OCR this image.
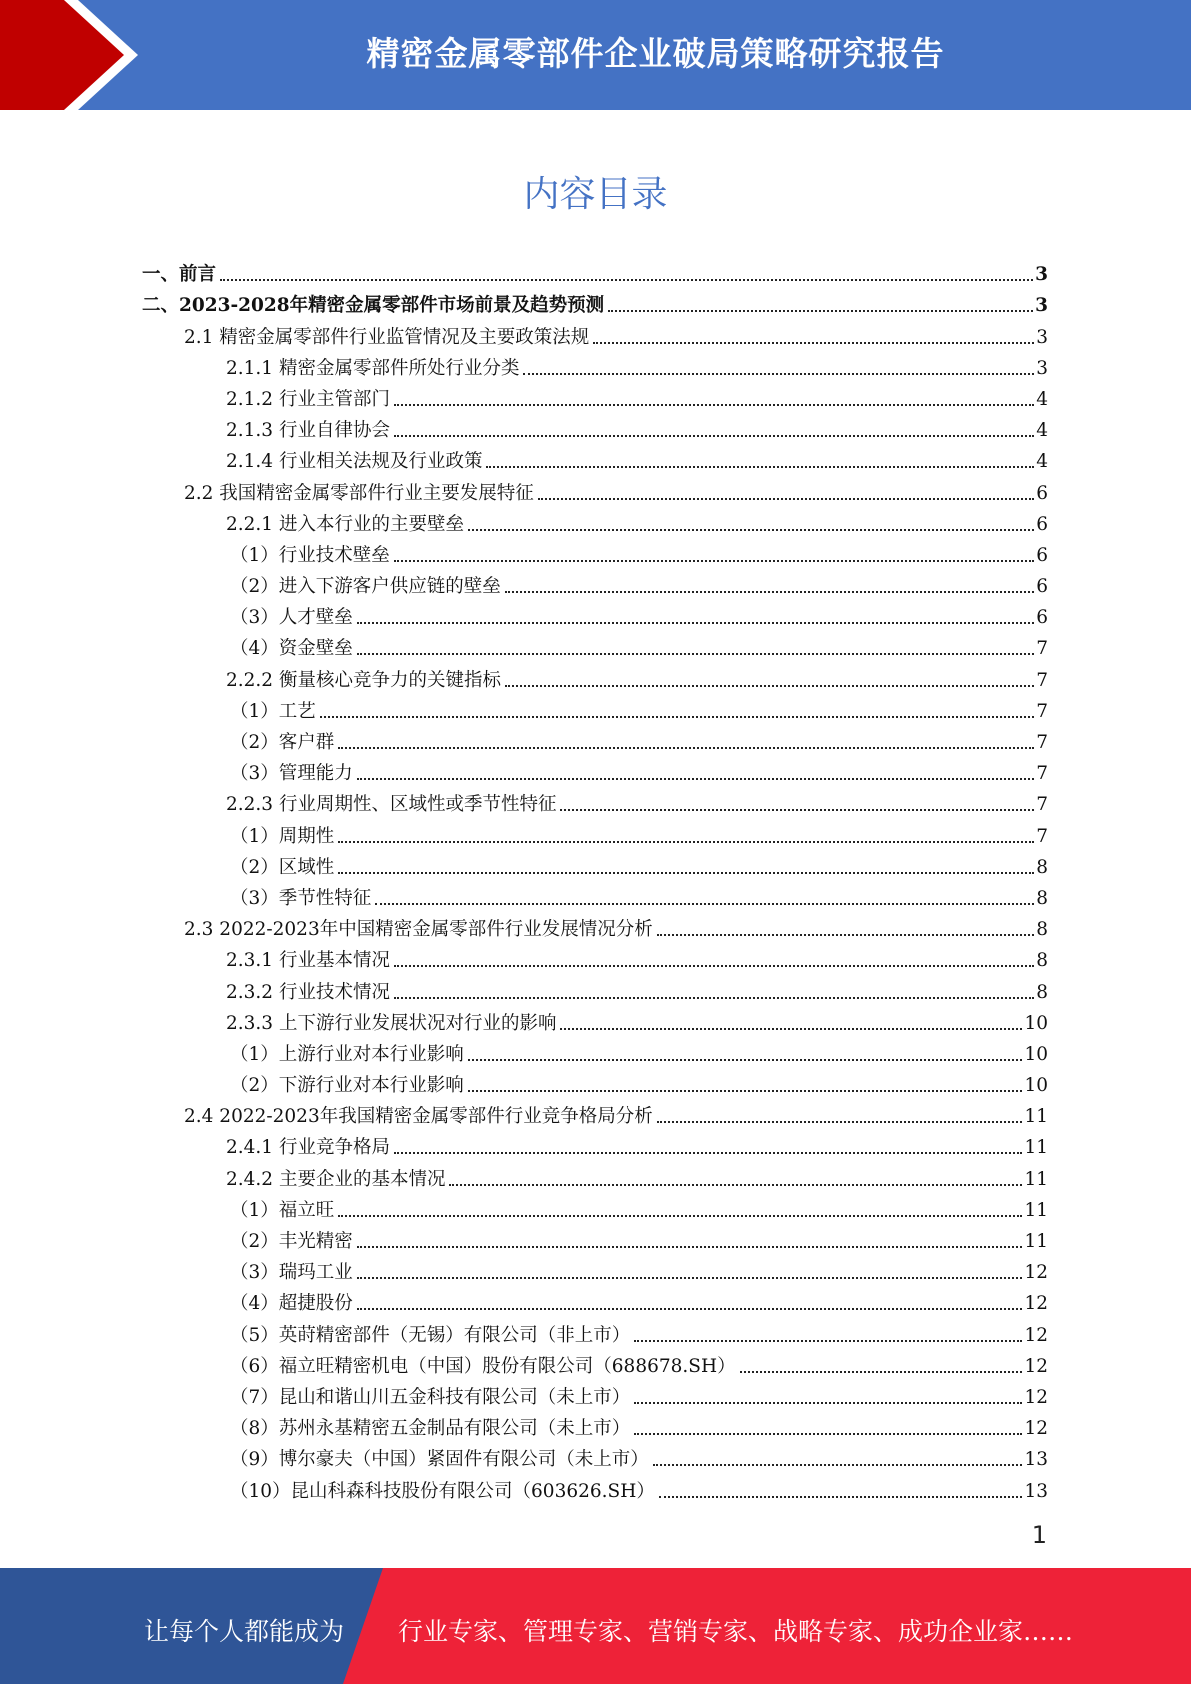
精密金属零部件企业破局策略研究报告
内容目录
一、前言	3
二、2023-2028年精密金属零部件市场前景及趋势预测	3
2.1 精密金属零部件行业监管情况及主要政策法规	3
2.1.1 精密金属零部件所处行业分类	3
2.1.2 行业主管部门	4
2.1.3 行业自律协会	4
2.1.4 行业相关法规及行业政策	4
2.2 我国精密金属零部件行业主要发展特征	6
2.2.1 进入本行业的主要壁垒	6
（1）行业技术壁垒	6
（2）进入下游客户供应链的壁垒	6
（3）人才壁垒	6
（4）资金壁垒	7
2.2.2 衡量核心竞争力的关键指标	7
（1）工艺	7
（2）客户群	7
（3）管理能力	7
2.2.3 行业周期性、区域性或季节性特征	7
（1）周期性	7
（2）区域性	8
（3）季节性特征	8
2.3 2022-2023年中国精密金属零部件行业发展情况分析	8
2.3.1 行业基本情况	8
2.3.2 行业技术情况	8
2.3.3 上下游行业发展状况对行业的影响	10
（1）上游行业对本行业影响	10
（2）下游行业对本行业影响	10
2.4 2022-2023年我国精密金属零部件行业竞争格局分析	11
2.4.1 行业竞争格局	11
2.4.2 主要企业的基本情况	11
（1）福立旺	11
（2）丰光精密	11
（3）瑞玛工业	12
（4）超捷股份	12
（5）英莳精密部件（无锡）有限公司（非上市）	12
（6）福立旺精密机电（中国）股份有限公司（688678.SH）	12
（7）昆山和谐山川五金科技有限公司（未上市）	12
（8）苏州永基精密五金制品有限公司（未上市）	12
（9）博尔豪夫（中国）紧固件有限公司（未上市）	13
（10）昆山科森科技股份有限公司（603626.SH）	13
1
让每个人都能成为 行业专家、管理专家、营销专家、战略专家、成功企业家……
